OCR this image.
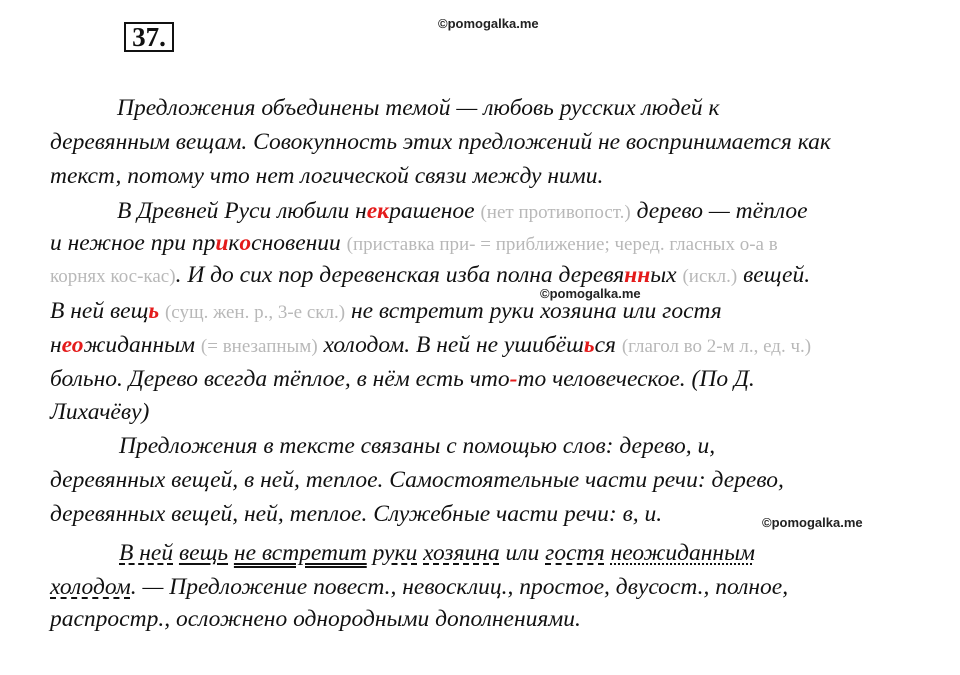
37.	©pomogalka.me
©pomogalka.me
©pomogalka.me
Предложения объединены темой — любовь русских людей к
деревянным вещам. Совокупность этих предложений не воспринимается как
текст, потому что нет логической связи между ними.
В Древней Руси любили некрашеное (нет противопост.) дерево — тёплое
и нежное при прикосновении (приставка при- = приближение; черед. гласных о-а в
корнях кос-кас). И до сих пор деревенская изба полна деревянных (искл.) вещей.
В ней вещь (сущ. жен. р., 3-е скл.) не встретит руки хозяина или гостя
неожиданным (= внезапным) холодом. В ней не ушибёшься (глагол во 2-м л., ед. ч.)
больно. Дерево всегда тёплое, в нём есть что-то человеческое. (По Д.
Лихачёву)
Предложения в тексте связаны с помощью слов: дерево, и,
деревянных вещей, в ней, теплое. Самостоятельные части речи: дерево,
деревянных вещей, ней, теплое. Служебные части речи: в, и.
В ней вещь не встретит руки хозяина или гостя неожиданным
холодом. — Предложение повест., невосклиц., простое, двусост., полное,
распростр., осложнено однородными дополнениями.
